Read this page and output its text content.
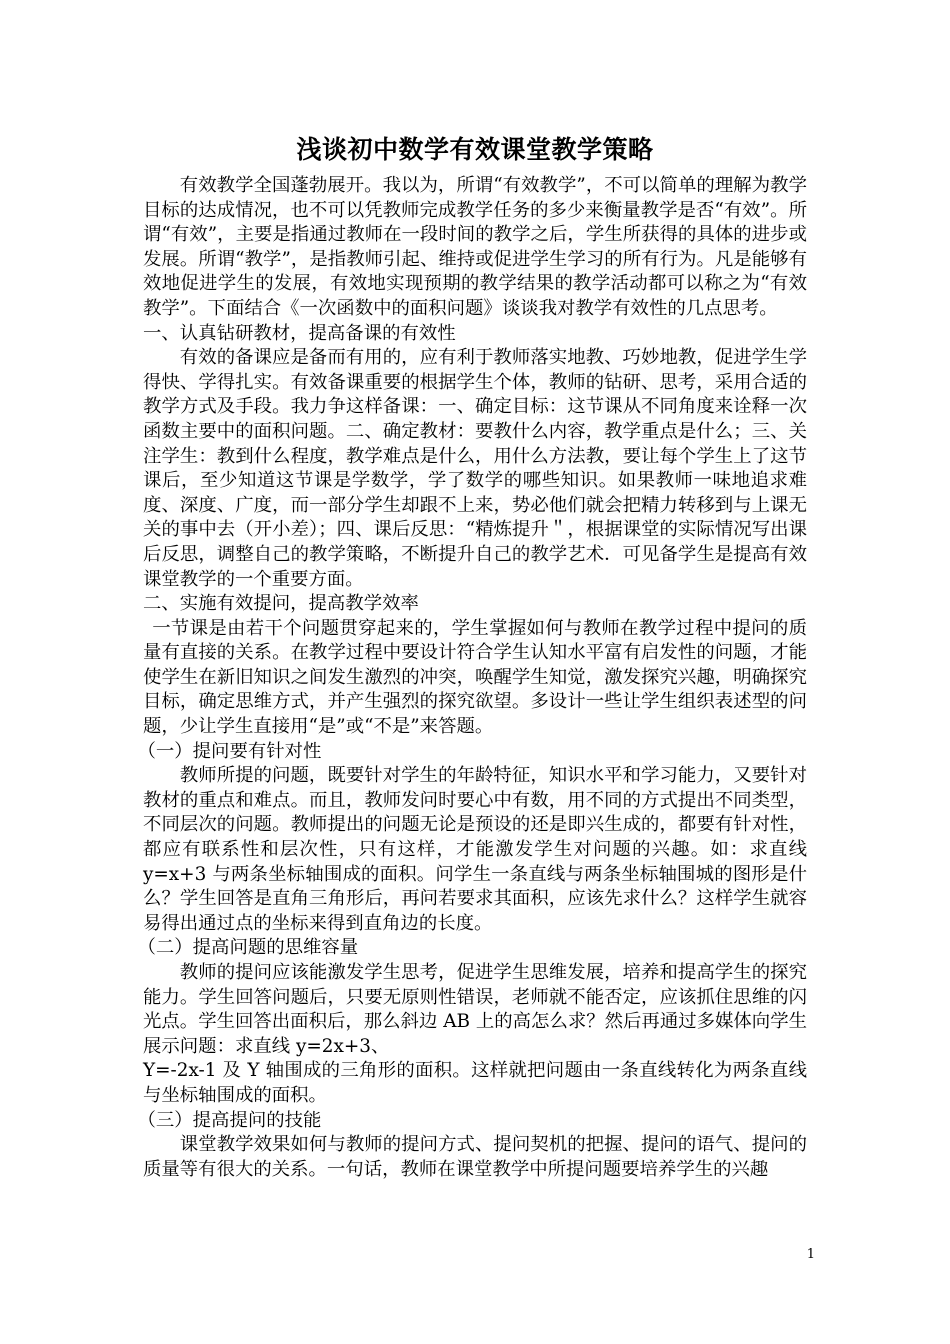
浅谈初中数学有效课堂教学策略

有效教学全国蓬勃展开。我以为，所谓“有效教学”，不可以简单的理解为教学目标的达成情况，也不可以凭教师完成教学任务的多少来衡量教学是否“有效”。所谓“有效”，主要是指通过教师在一段时间的教学之后，学生所获得的具体的进步或发展。所谓“教学”，是指教师引起、维持或促进学生学习的所有行为。凡是能够有效地促进学生的发展，有效地实现预期的教学结果的教学活动都可以称之为“有效教学”。下面结合《一次函数中的面积问题》谈谈我对教学有效性的几点思考。

一、认真钻研教材，提高备课的有效性

有效的备课应是备而有用的，应有利于教师落实地教、巧妙地教，促进学生学得快、学得扎实。有效备课重要的根据学生个体，教师的钻研、思考，采用合适的教学方式及手段。我力争这样备课：一、确定目标：这节课从不同角度来诠释一次函数主要中的面积问题。二、确定教材：要教什么内容，教学重点是什么；三、关注学生：教到什么程度，教学难点是什么，用什么方法教，要让每个学生上了这节课后，至少知道这节课是学数学，学了数学的哪些知识。如果教师一味地追求难度、深度、广度，而一部分学生却跟不上来，势必他们就会把精力转移到与上课无关的事中去（开小差）；四、课后反思：“精炼提升＂，根据课堂的实际情况写出课后反思，调整自己的教学策略，不断提升自己的教学艺术．可见备学生是提高有效课堂教学的一个重要方面。

二、实施有效提问，提高教学效率

一节课是由若干个问题贯穿起来的，学生掌握如何与教师在教学过程中提问的质量有直接的关系。在教学过程中要设计符合学生认知水平富有启发性的问题，才能使学生在新旧知识之间发生激烈的冲突，唤醒学生知觉，激发探究兴趣，明确探究目标，确定思维方式，并产生强烈的探究欲望。多设计一些让学生组织表述型的问题，少让学生直接用“是”或“不是”来答题。

（一）提问要有针对性

教师所提的问题，既要针对学生的年龄特征，知识水平和学习能力，又要针对教材的重点和难点。而且，教师发问时要心中有数，用不同的方式提出不同类型，不同层次的问题。教师提出的问题无论是预设的还是即兴生成的，都要有针对性，都应有联系性和层次性，只有这样，才能激发学生对问题的兴趣。如：求直线 y=x+3 与两条坐标轴围成的面积。问学生一条直线与两条坐标轴围城的图形是什么？学生回答是直角三角形后，再问若要求其面积，应该先求什么？这样学生就容易得出通过点的坐标来得到直角边的长度。

（二）提高问题的思维容量

教师的提问应该能激发学生思考，促进学生思维发展，培养和提高学生的探究能力。学生回答问题后，只要无原则性错误，老师就不能否定，应该抓住思维的闪光点。学生回答出面积后，那么斜边 AB 上的高怎么求？然后再通过多媒体向学生展示问题：求直线 y=2x+3、

Y=-2x-1 及 Y 轴围成的三角形的面积。这样就把问题由一条直线转化为两条直线与坐标轴围成的面积。

（三）提高提问的技能

课堂教学效果如何与教师的提问方式、提问契机的把握、提问的语气、提问的质量等有很大的关系。一句话，教师在课堂教学中所提问题要培养学生的兴趣

1
